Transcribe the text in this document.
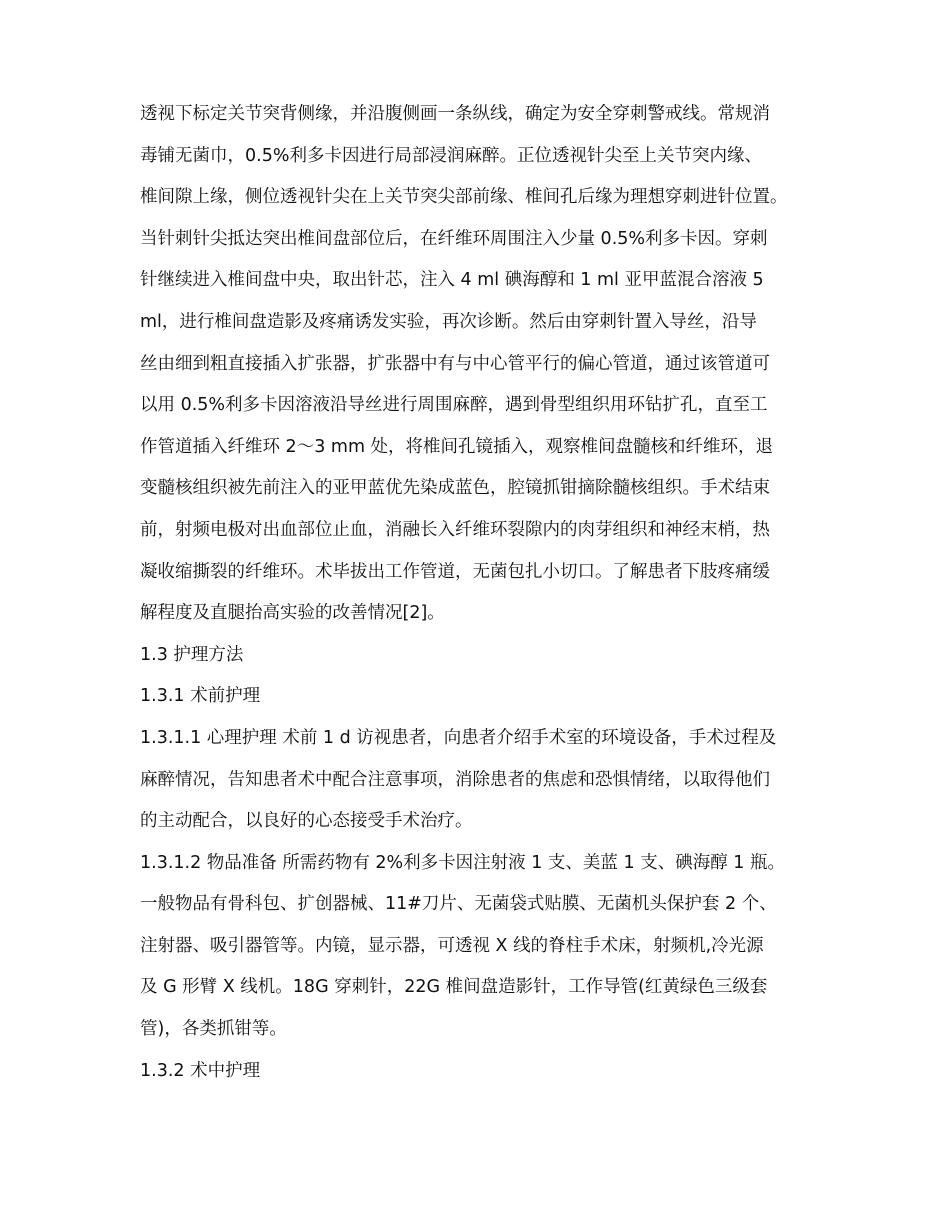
透视下标定关节突背侧缘，并沿腹侧画一条纵线，确定为安全穿刺警戒线。常规消
毒铺无菌巾，0.5%利多卡因进行局部浸润麻醉。正位透视针尖至上关节突内缘、
椎间隙上缘，侧位透视针尖在上关节突尖部前缘、椎间孔后缘为理想穿刺进针位置。
当针刺针尖抵达突出椎间盘部位后，在纤维环周围注入少量 0.5%利多卡因。穿刺
针继续进入椎间盘中央，取出针芯，注入 4 ml 碘海醇和 1 ml 亚甲蓝混合溶液 5
ml，进行椎间盘造影及疼痛诱发实验，再次诊断。然后由穿刺针置入导丝，沿导
丝由细到粗直接插入扩张器，扩张器中有与中心管平行的偏心管道，通过该管道可
以用 0.5%利多卡因溶液沿导丝进行周围麻醉，遇到骨型组织用环钻扩孔，直至工
作管道插入纤维环 2～3 mm 处，将椎间孔镜插入，观察椎间盘髓核和纤维环，退
变髓核组织被先前注入的亚甲蓝优先染成蓝色，腔镜抓钳摘除髓核组织。手术结束
前，射频电极对出血部位止血，消融长入纤维环裂隙内的肉芽组织和神经末梢，热
凝收缩撕裂的纤维环。术毕拔出工作管道，无菌包扎小切口。了解患者下肢疼痛缓
解程度及直腿抬高实验的改善情况[2]。
1.3 护理方法
1.3.1 术前护理
1.3.1.1 心理护理 术前 1 d 访视患者，向患者介绍手术室的环境设备，手术过程及
麻醉情况，告知患者术中配合注意事项，消除患者的焦虑和恐惧情绪，以取得他们
的主动配合，以良好的心态接受手术治疗。
1.3.1.2 物品准备 所需药物有 2%利多卡因注射液 1 支、美蓝 1 支、碘海醇 1 瓶。
一般物品有骨科包、扩创器械、11#刀片、无菌袋式贴膜、无菌机头保护套 2 个、
注射器、吸引器管等。内镜，显示器，可透视 X 线的脊柱手术床，射频机,冷光源
及 G 形臂 X 线机。18G 穿刺针，22G 椎间盘造影针，工作导管(红黄绿色三级套
管)，各类抓钳等。
1.3.2 术中护理
